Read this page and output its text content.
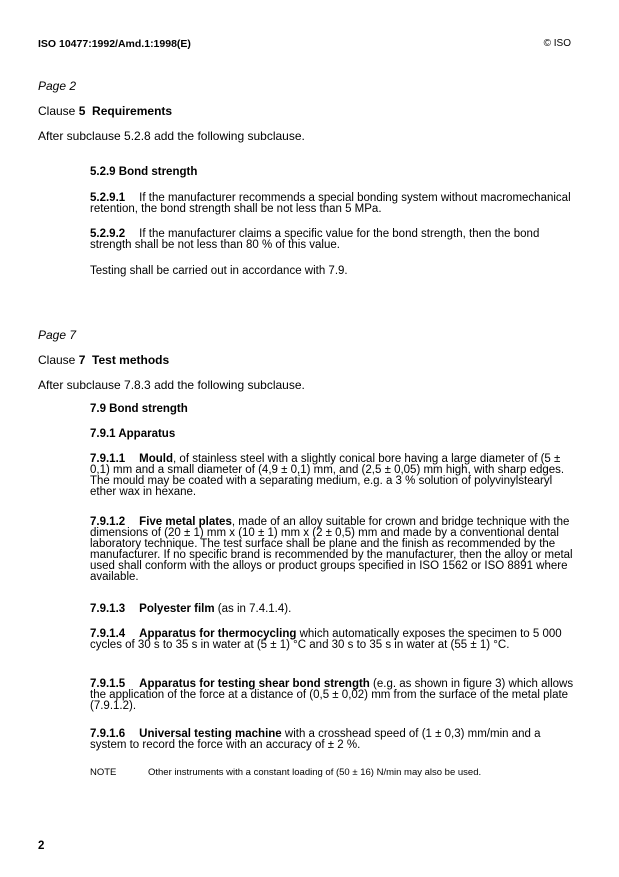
ISO 10477:1992/Amd.1:1998(E)	© ISO
Page 2
Clause 5 Requirements
After subclause 5.2.8 add the following subclause.
5.2.9 Bond strength
5.2.9.1 If the manufacturer recommends a special bonding system without macromechanical retention, the bond strength shall be not less than 5 MPa.
5.2.9.2 If the manufacturer claims a specific value for the bond strength, then the bond strength shall be not less than 80 % of this value.
Testing shall be carried out in accordance with 7.9.
Page 7
Clause 7 Test methods
After subclause 7.8.3 add the following subclause.
7.9 Bond strength
7.9.1 Apparatus
7.9.1.1 Mould, of stainless steel with a slightly conical bore having a large diameter of (5 ± 0,1) mm and a small diameter of (4,9 ± 0,1) mm, and (2,5 ± 0,05) mm high, with sharp edges. The mould may be coated with a separating medium, e.g. a 3 % solution of polyvinylstearyl ether wax in hexane.
7.9.1.2 Five metal plates, made of an alloy suitable for crown and bridge technique with the dimensions of (20 ± 1) mm x (10 ± 1) mm x (2 ± 0,5) mm and made by a conventional dental laboratory technique. The test surface shall be plane and the finish as recommended by the manufacturer. If no specific brand is recommended by the manufacturer, then the alloy or metal used shall conform with the alloys or product groups specified in ISO 1562 or ISO 8891 where available.
7.9.1.3 Polyester film (as in 7.4.1.4).
7.9.1.4 Apparatus for thermocycling which automatically exposes the specimen to 5 000 cycles of 30 s to 35 s in water at (5 ± 1) °C and 30 s to 35 s in water at (55 ± 1) °C.
7.9.1.5 Apparatus for testing shear bond strength (e.g. as shown in figure 3) which allows the application of the force at a distance of (0,5 ± 0,02) mm from the surface of the metal plate (7.9.1.2).
7.9.1.6 Universal testing machine with a crosshead speed of (1 ± 0,3) mm/min and a system to record the force with an accuracy of ± 2 %.
NOTE	Other instruments with a constant loading of (50 ± 16) N/min may also be used.
2
